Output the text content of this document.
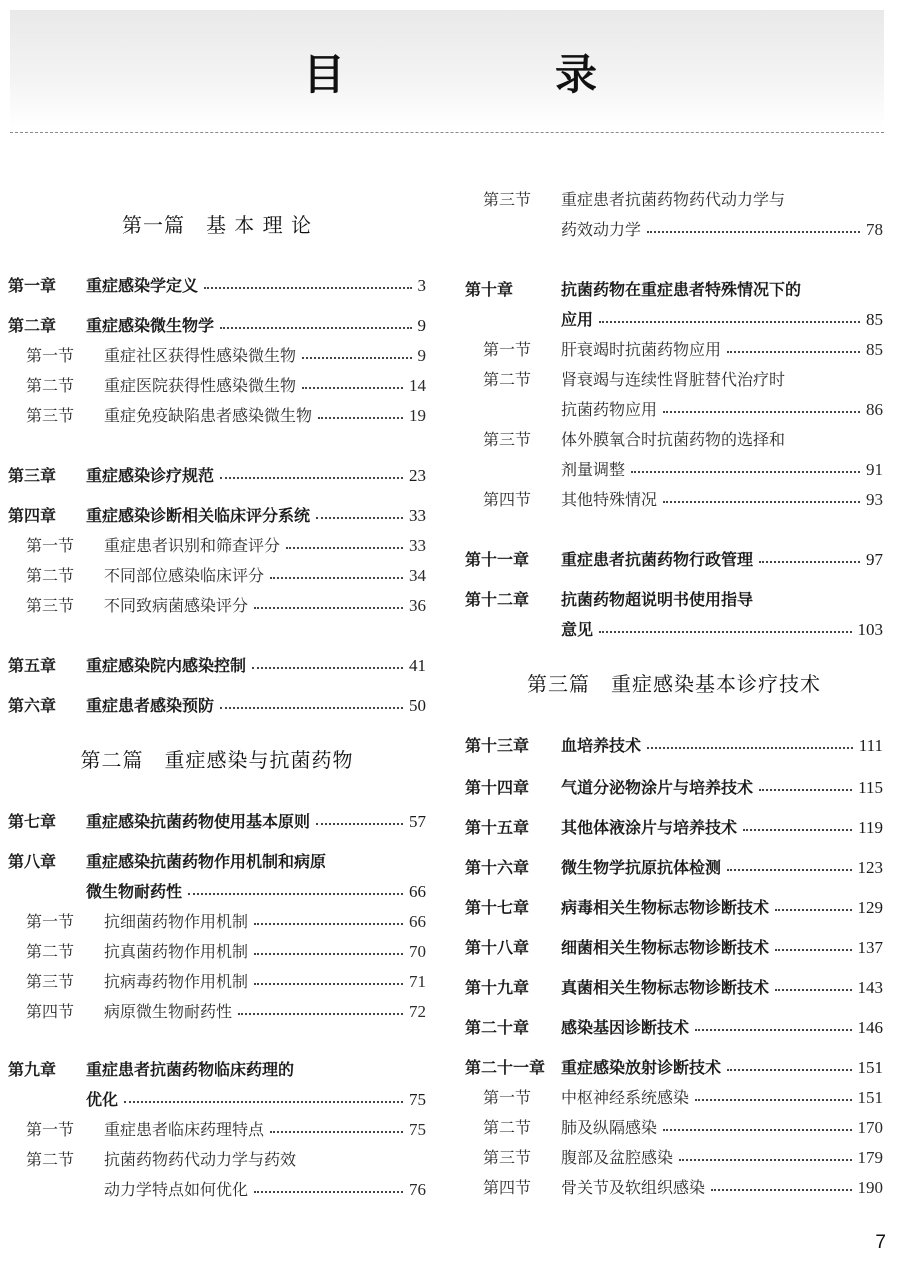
目　录
第一篇　基 本 理 论
第一章	重症感染学定义	3
第二章	重症感染微生物学	9
第一节	重症社区获得性感染微生物	9
第二节	重症医院获得性感染微生物	14
第三节	重症免疫缺陷患者感染微生物	19
第三章	重症感染诊疗规范	23
第四章	重症感染诊断相关临床评分系统	33
第一节	重症患者识别和筛查评分	33
第二节	不同部位感染临床评分	34
第三节	不同致病菌感染评分	36
第五章	重症感染院内感染控制	41
第六章	重症患者感染预防	50
第二篇　重症感染与抗菌药物
第七章	重症感染抗菌药物使用基本原则	57
第八章	重症感染抗菌药物作用机制和病原
微生物耐药性	66
第一节	抗细菌药物作用机制	66
第二节	抗真菌药物作用机制	70
第三节	抗病毒药物作用机制	71
第四节	病原微生物耐药性	72
第九章	重症患者抗菌药物临床药理的
优化	75
第一节	重症患者临床药理特点	75
第二节	抗菌药物药代动力学与药效
动力学特点如何优化	76
第三节	重症患者抗菌药物药代动力学与
药效动力学	78
第十章	抗菌药物在重症患者特殊情况下的
应用	85
第一节	肝衰竭时抗菌药物应用	85
第二节	肾衰竭与连续性肾脏替代治疗时
抗菌药物应用	86
第三节	体外膜氧合时抗菌药物的选择和
剂量调整	91
第四节	其他特殊情况	93
第十一章	重症患者抗菌药物行政管理	97
第十二章	抗菌药物超说明书使用指导
意见	103
第三篇　重症感染基本诊疗技术
第十三章	血培养技术	111
第十四章	气道分泌物涂片与培养技术	115
第十五章	其他体液涂片与培养技术	119
第十六章	微生物学抗原抗体检测	123
第十七章	病毒相关生物标志物诊断技术	129
第十八章	细菌相关生物标志物诊断技术	137
第十九章	真菌相关生物标志物诊断技术	143
第二十章	感染基因诊断技术	146
第二十一章 重症感染放射诊断技术	151
第一节	中枢神经系统感染	151
第二节	肺及纵隔感染	170
第三节	腹部及盆腔感染	179
第四节	骨关节及软组织感染	190
7
